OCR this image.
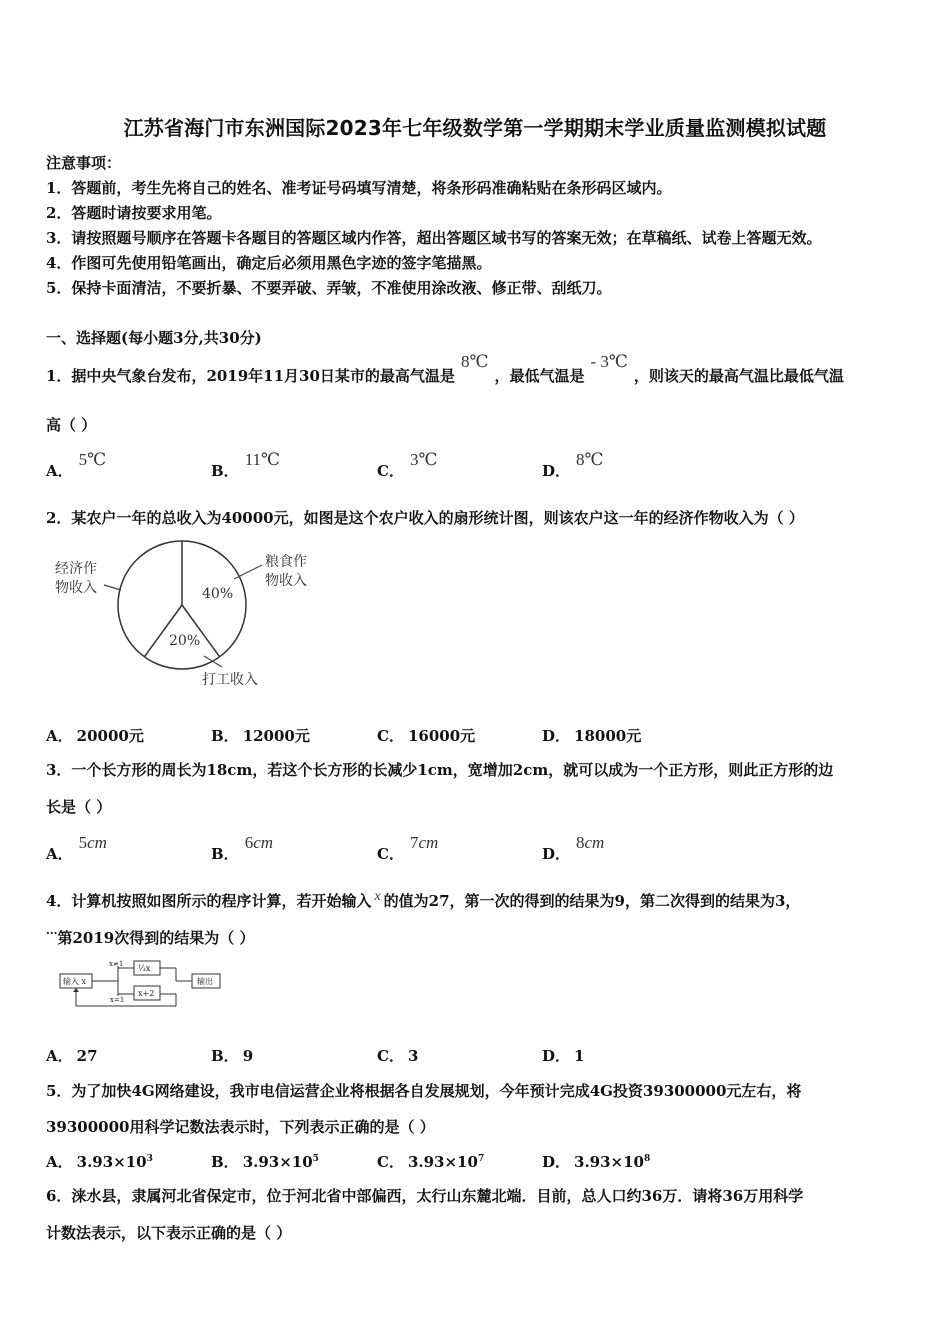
江苏省海门市东洲国际2023年七年级数学第一学期期末学业质量监测模拟试题
注意事项：
1．答题前，考生先将自己的姓名、准考证号码填写清楚，将条形码准确粘贴在条形码区域内。
2．答题时请按要求用笔。
3．请按照题号顺序在答题卡各题目的答题区域内作答，超出答题区域书写的答案无效；在草稿纸、试卷上答题无效。
4．作图可先使用铅笔画出，确定后必须用黑色字迹的签字笔描黑。
5．保持卡面清洁，不要折暴、不要弄破、弄皱，不准使用涂改液、修正带、刮纸刀。
一、选择题(每小题3分,共30分)
1．据中央气象台发布，2019年11月30日某市的最高气温是8℃，最低气温是- 3℃，则该天的最高气温比最低气温
高（ ）
A．5℃
B．11℃
C．3℃
D．8℃
2．某农户一年的总收入为40000元，如图是这个农户收入的扇形统计图，则该农户这一年的经济作物收入为（ ）
经济作
物收入
粮食作
物收入
40%
20%
打工收入
A． 20000元	B． 12000元	C． 16000元	D． 18000元
3．一个长方形的周长为18cm，若这个长方形的长减少1cm，宽增加2cm，就可以成为一个正方形，则此正方形的边
长是（ ）
A．5cm
B．6cm
C．7cm
D．8cm
4．计算机按照如图所示的程序计算，若开始输入 x 的值为27，第一次的得到的结果为9，第二次得到的结果为3，
···第2019次得到的结果为（ ）
输入 x
x≠1
x=1
⅓x
x+2
输出
A． 27	B． 9	C． 3	D． 1
5．为了加快4G网络建设，我市电信运营企业将根据各自发展规划，今年预计完成4G投资39300000元左右，将
39300000用科学记数法表示时，下列表示正确的是（ ）
A． $3.93\times 10^3$	B． $3.93\times 10^5$	C． $3.93\times 10^7$	D． $3.93\times 10^8$
6．涞水县，隶属河北省保定市，位于河北省中部偏西，太行山东麓北端．目前，总人口约36万．请将36万用科学
计数法表示，以下表示正确的是（ ）
